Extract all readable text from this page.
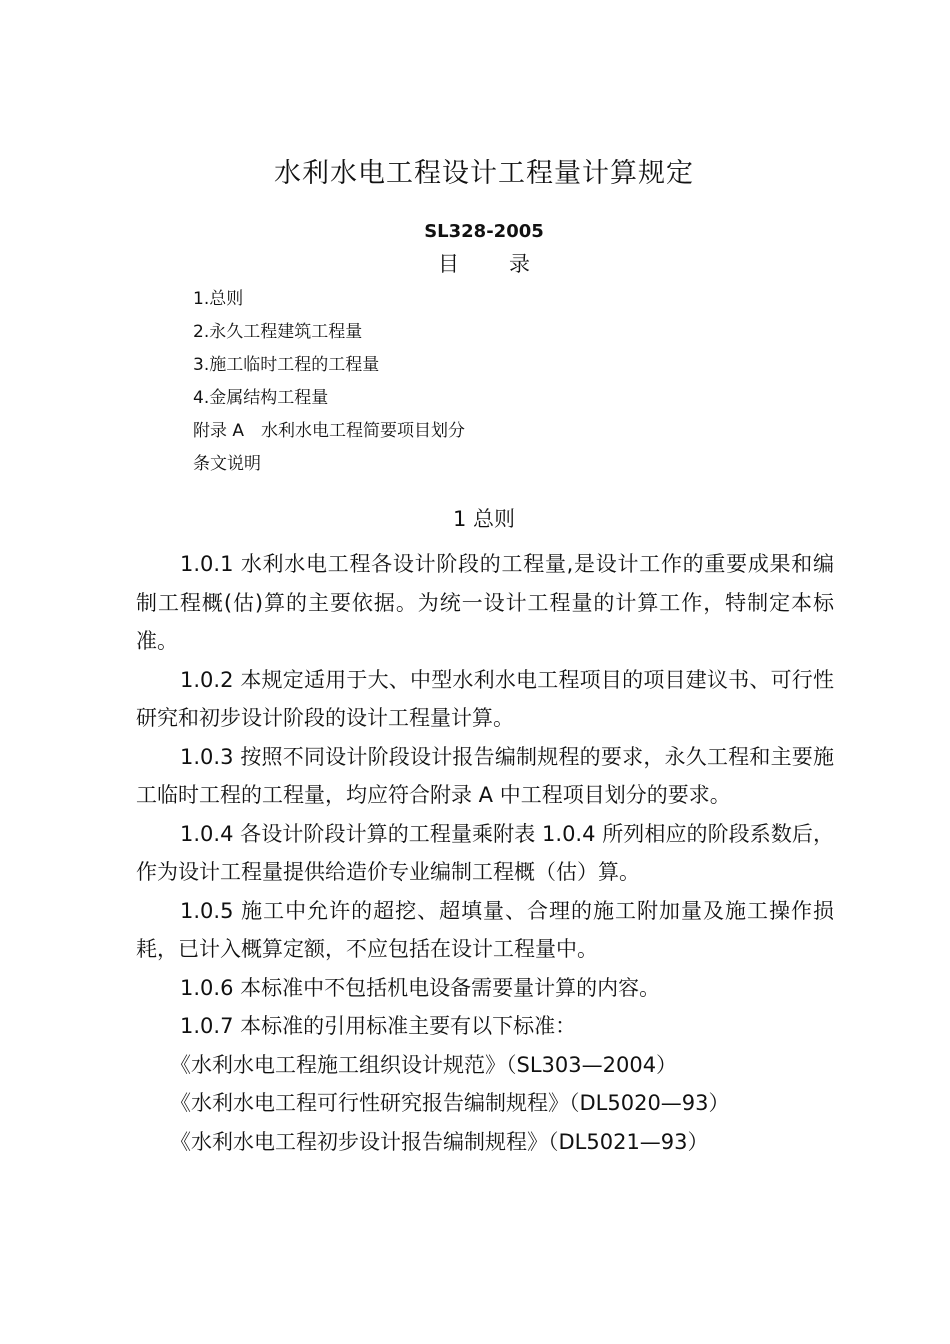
水利水电工程设计工程量计算规定
SL328-2005
目 录
1.总则
2.永久工程建筑工程量
3.施工临时工程的工程量
4.金属结构工程量
附录 A　水利水电工程简要项目划分
条文说明
1 总则

1.0.1 水利水电工程各设计阶段的工程量,是设计工作的重要成果和编制工程概(估)算的主要依据。为统一设计工程量的计算工作，特制定本标准。

1.0.2 本规定适用于大、中型水利水电工程项目的项目建议书、可行性研究和初步设计阶段的设计工程量计算。

1.0.3 按照不同设计阶段设计报告编制规程的要求，永久工程和主要施工临时工程的工程量，均应符合附录 A 中工程项目划分的要求。

1.0.4 各设计阶段计算的工程量乘附表 1.0.4 所列相应的阶段系数后，作为设计工程量提供给造价专业编制工程概（估）算。

1.0.5 施工中允许的超挖、超填量、合理的施工附加量及施工操作损耗，已计入概算定额，不应包括在设计工程量中。

1.0.6 本标准中不包括机电设备需要量计算的内容。

1.0.7 本标准的引用标准主要有以下标准：

《水利水电工程施工组织设计规范》（SL303—2004）

《水利水电工程可行性研究报告编制规程》（DL5020—93）

《水利水电工程初步设计报告编制规程》（DL5021—93）
